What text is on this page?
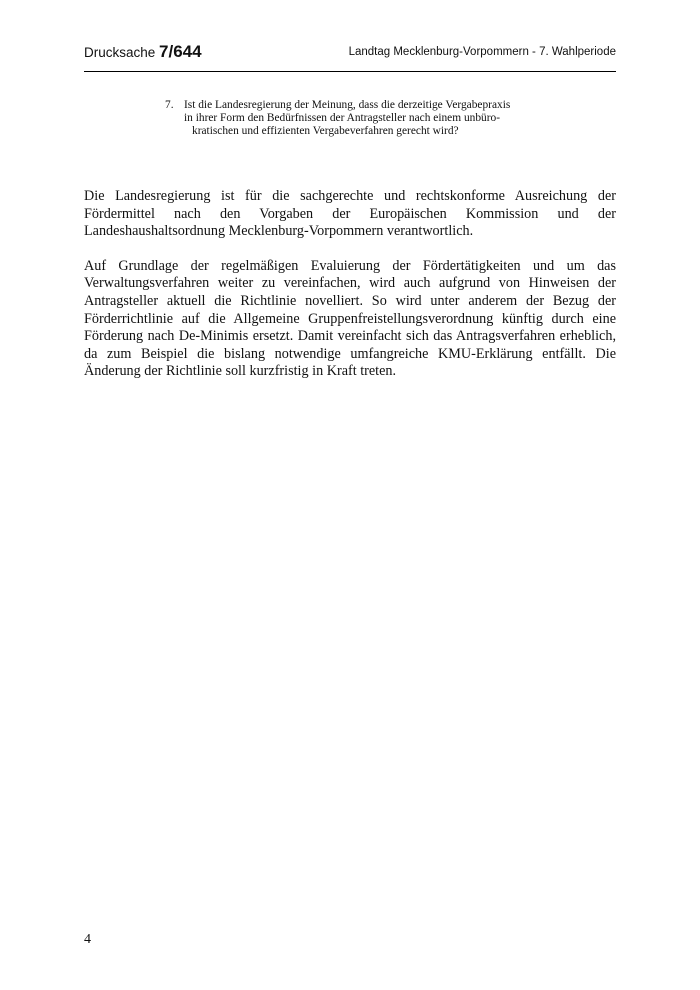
Drucksache 7/644	Landtag Mecklenburg-Vorpommern - 7. Wahlperiode
7. Ist die Landesregierung der Meinung, dass die derzeitige Vergabepraxis
in ihrer Form den Bedürfnissen der Antragsteller nach einem unbüro-
kratischen und effizienten Vergabeverfahren gerecht wird?

Die Landesregierung ist für die sachgerechte und rechtskonforme Ausreichung der Fördermittel nach den Vorgaben der Europäischen Kommission und der Landeshaushaltsordnung Mecklenburg-Vorpommern verantwortlich.

Auf Grundlage der regelmäßigen Evaluierung der Fördertätigkeiten und um das Verwaltungsverfahren weiter zu vereinfachen, wird auch aufgrund von Hinweisen der Antragsteller aktuell die Richtlinie novelliert. So wird unter anderem der Bezug der Förderrichtlinie auf die Allgemeine Gruppenfreistellungsverordnung künftig durch eine Förderung nach De-Minimis ersetzt. Damit vereinfacht sich das Antragsverfahren erheblich, da zum Beispiel die bislang notwendige umfangreiche KMU-Erklärung entfällt. Die Änderung der Richtlinie soll kurzfristig in Kraft treten.

4
